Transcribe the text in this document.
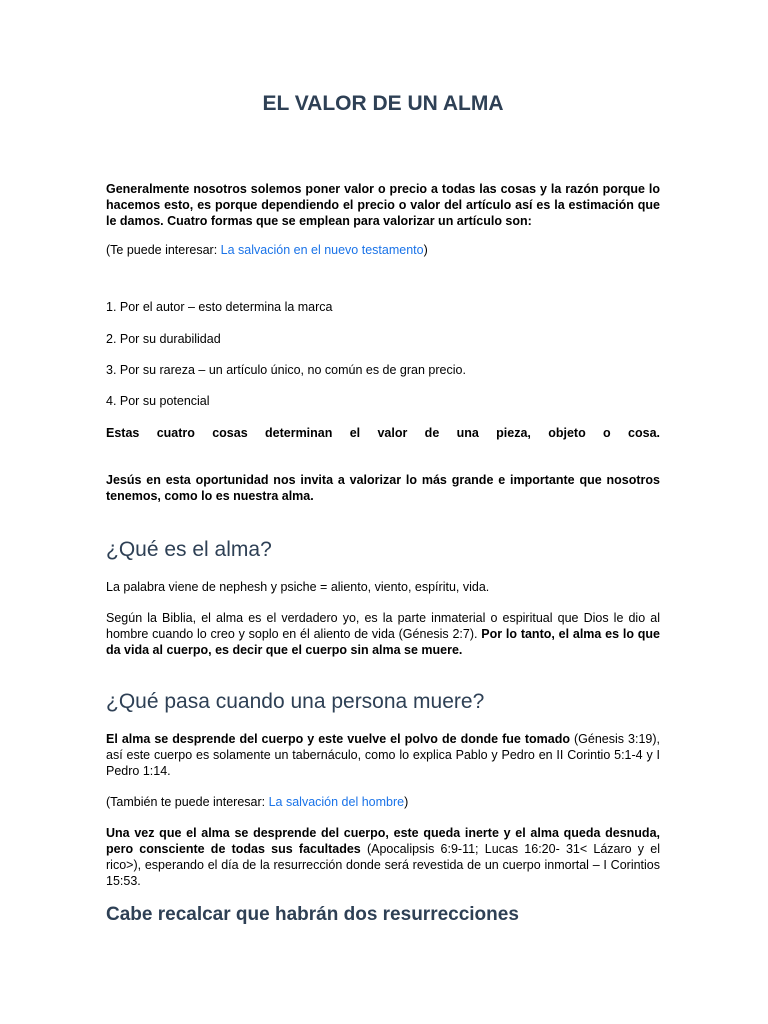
EL VALOR DE UN ALMA

Generalmente nosotros solemos poner valor o precio a todas las cosas y la razón porque lo hacemos esto, es porque dependiendo el precio o valor del artículo así es la estimación que le damos. Cuatro formas que se emplean para valorizar un artículo son:

(Te puede interesar: La salvación en el nuevo testamento)

1. Por el autor – esto determina la marca

2. Por su durabilidad

3. Por su rareza – un artículo único, no común es de gran precio.

4. Por su potencial

Estas cuatro cosas determinan el valor de una pieza, objeto o cosa.

Jesús en esta oportunidad nos invita a valorizar lo más grande e importante que nosotros tenemos, como lo es nuestra alma.

¿Qué es el alma?

La palabra viene de nephesh y psiche = aliento, viento, espíritu, vida.

Según la Biblia, el alma es el verdadero yo, es la parte inmaterial o espiritual que Dios le dio al hombre cuando lo creo y soplo en él aliento de vida (Génesis 2:7). Por lo tanto, el alma es lo que da vida al cuerpo, es decir que el cuerpo sin alma se muere.

¿Qué pasa cuando una persona muere?

El alma se desprende del cuerpo y este vuelve el polvo de donde fue tomado (Génesis 3:19), así este cuerpo es solamente un tabernáculo, como lo explica Pablo y Pedro en II Corintio 5:1-4 y I Pedro 1:14.

(También te puede interesar: La salvación del hombre)

Una vez que el alma se desprende del cuerpo, este queda inerte y el alma queda desnuda, pero consciente de todas sus facultades (Apocalipsis 6:9-11; Lucas 16:20- 31< Lázaro y el rico>), esperando el día de la resurrección donde será revestida de un cuerpo inmortal – I Corintios 15:53.

Cabe recalcar que habrán dos resurrecciones
